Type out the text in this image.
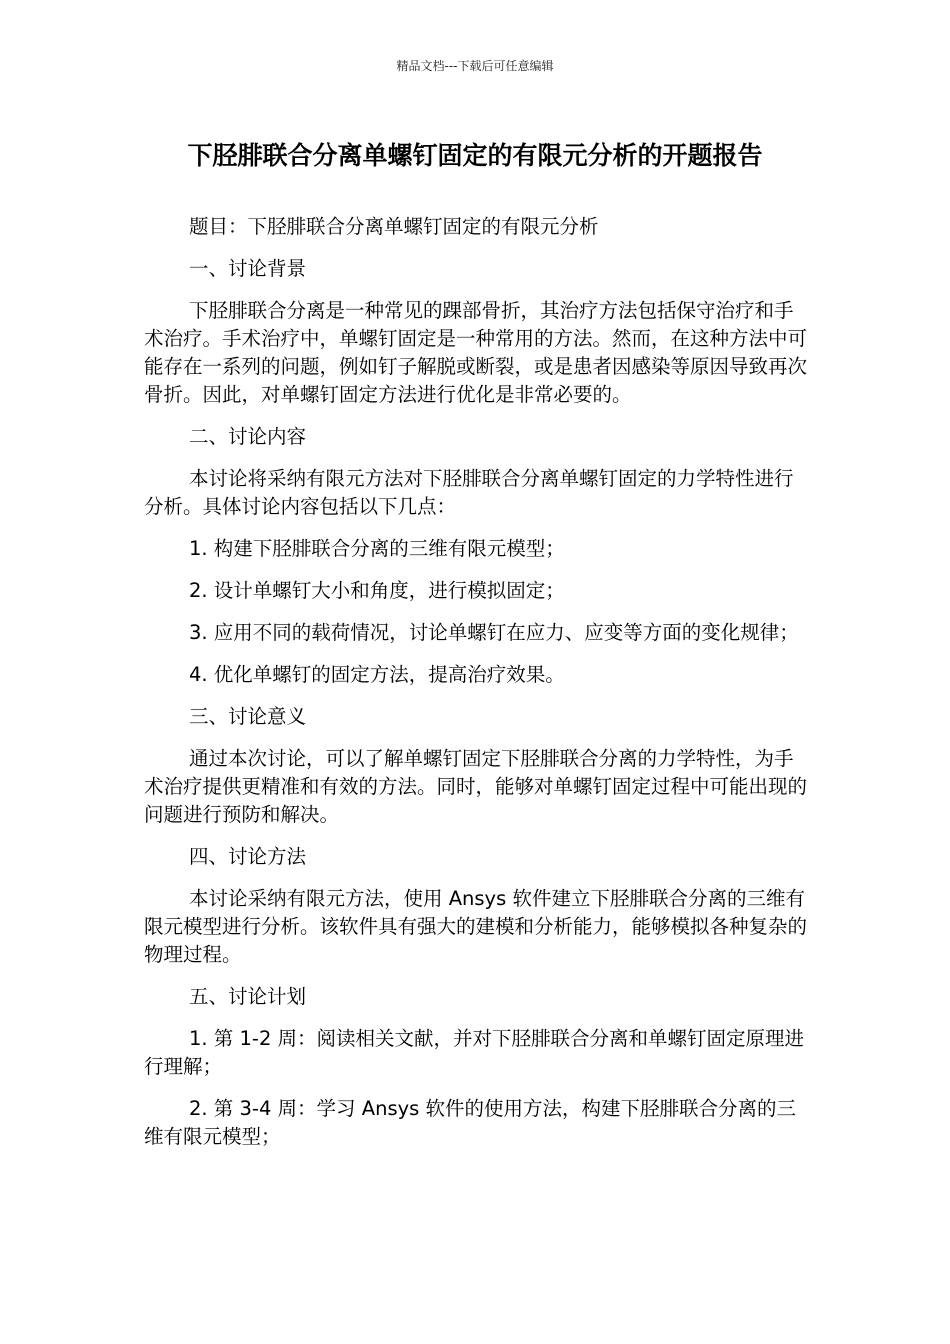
精品文档---下载后可任意编辑
下胫腓联合分离单螺钉固定的有限元分析的开题报告

题目：下胫腓联合分离单螺钉固定的有限元分析

一、讨论背景

下胫腓联合分离是一种常见的踝部骨折，其治疗方法包括保守治疗和手术治疗。手术治疗中，单螺钉固定是一种常用的方法。然而，在这种方法中可能存在一系列的问题，例如钉子解脱或断裂，或是患者因感染等原因导致再次骨折。因此，对单螺钉固定方法进行优化是非常必要的。

二、讨论内容

本讨论将采纳有限元方法对下胫腓联合分离单螺钉固定的力学特性进行分析。具体讨论内容包括以下几点：

1. 构建下胫腓联合分离的三维有限元模型；

2. 设计单螺钉大小和角度，进行模拟固定；

3. 应用不同的载荷情况，讨论单螺钉在应力、应变等方面的变化规律；

4. 优化单螺钉的固定方法，提高治疗效果。

三、讨论意义

通过本次讨论，可以了解单螺钉固定下胫腓联合分离的力学特性，为手术治疗提供更精准和有效的方法。同时，能够对单螺钉固定过程中可能出现的问题进行预防和解决。

四、讨论方法

本讨论采纳有限元方法，使用 Ansys 软件建立下胫腓联合分离的三维有限元模型进行分析。该软件具有强大的建模和分析能力，能够模拟各种复杂的物理过程。

五、讨论计划

1. 第 1-2 周：阅读相关文献，并对下胫腓联合分离和单螺钉固定原理进行理解；

2. 第 3-4 周：学习 Ansys 软件的使用方法，构建下胫腓联合分离的三维有限元模型；
